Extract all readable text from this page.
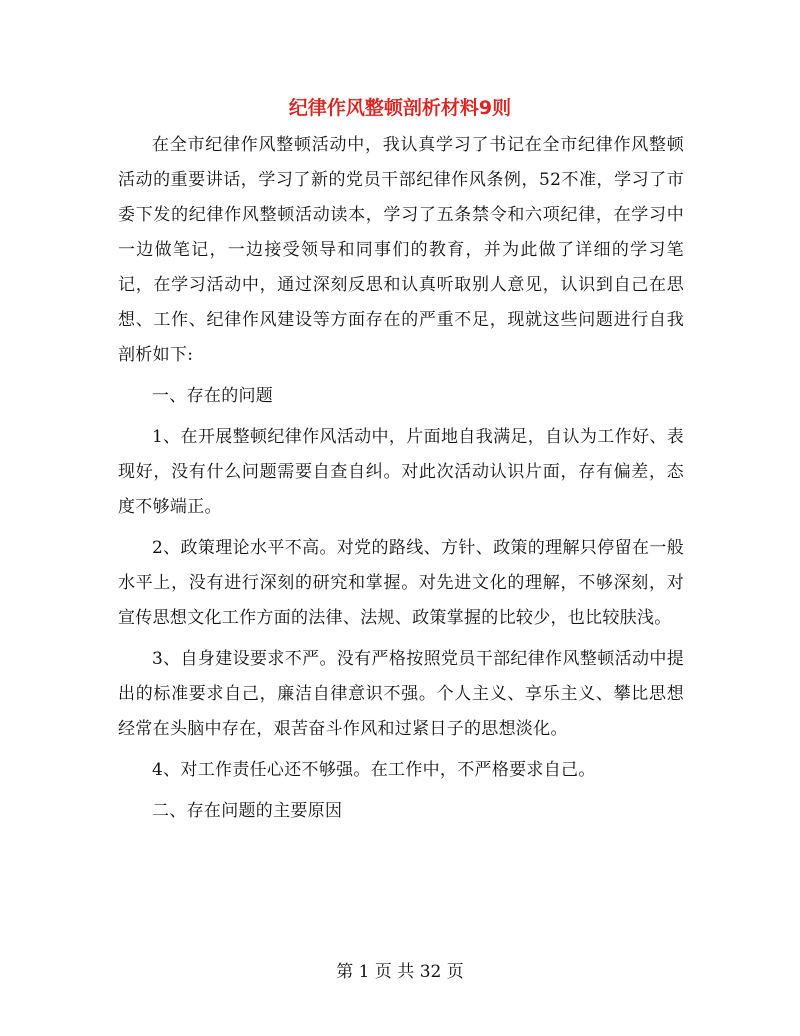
纪律作风整顿剖析材料9则

在全市纪律作风整顿活动中，我认真学习了书记在全市纪律作风整顿活动的重要讲话，学习了新的党员干部纪律作风条例，52不准，学习了市委下发的纪律作风整顿活动读本，学习了五条禁令和六项纪律，在学习中一边做笔记，一边接受领导和同事们的教育，并为此做了详细的学习笔记，在学习活动中，通过深刻反思和认真听取别人意见，认识到自己在思想、工作、纪律作风建设等方面存在的严重不足，现就这些问题进行自我剖析如下:

一、存在的问题

1、在开展整顿纪律作风活动中，片面地自我满足，自认为工作好、表现好，没有什么问题需要自查自纠。对此次活动认识片面，存有偏差，态度不够端正。

2、政策理论水平不高。对党的路线、方针、政策的理解只停留在一般水平上，没有进行深刻的研究和掌握。对先进文化的理解，不够深刻，对宣传思想文化工作方面的法律、法规、政策掌握的比较少，也比较肤浅。

3、自身建设要求不严。没有严格按照党员干部纪律作风整顿活动中提出的标准要求自己，廉洁自律意识不强。个人主义、享乐主义、攀比思想经常在头脑中存在，艰苦奋斗作风和过紧日子的思想淡化。

4、对工作责任心还不够强。在工作中，不严格要求自己。

二、存在问题的主要原因

第 1 页 共 32 页
